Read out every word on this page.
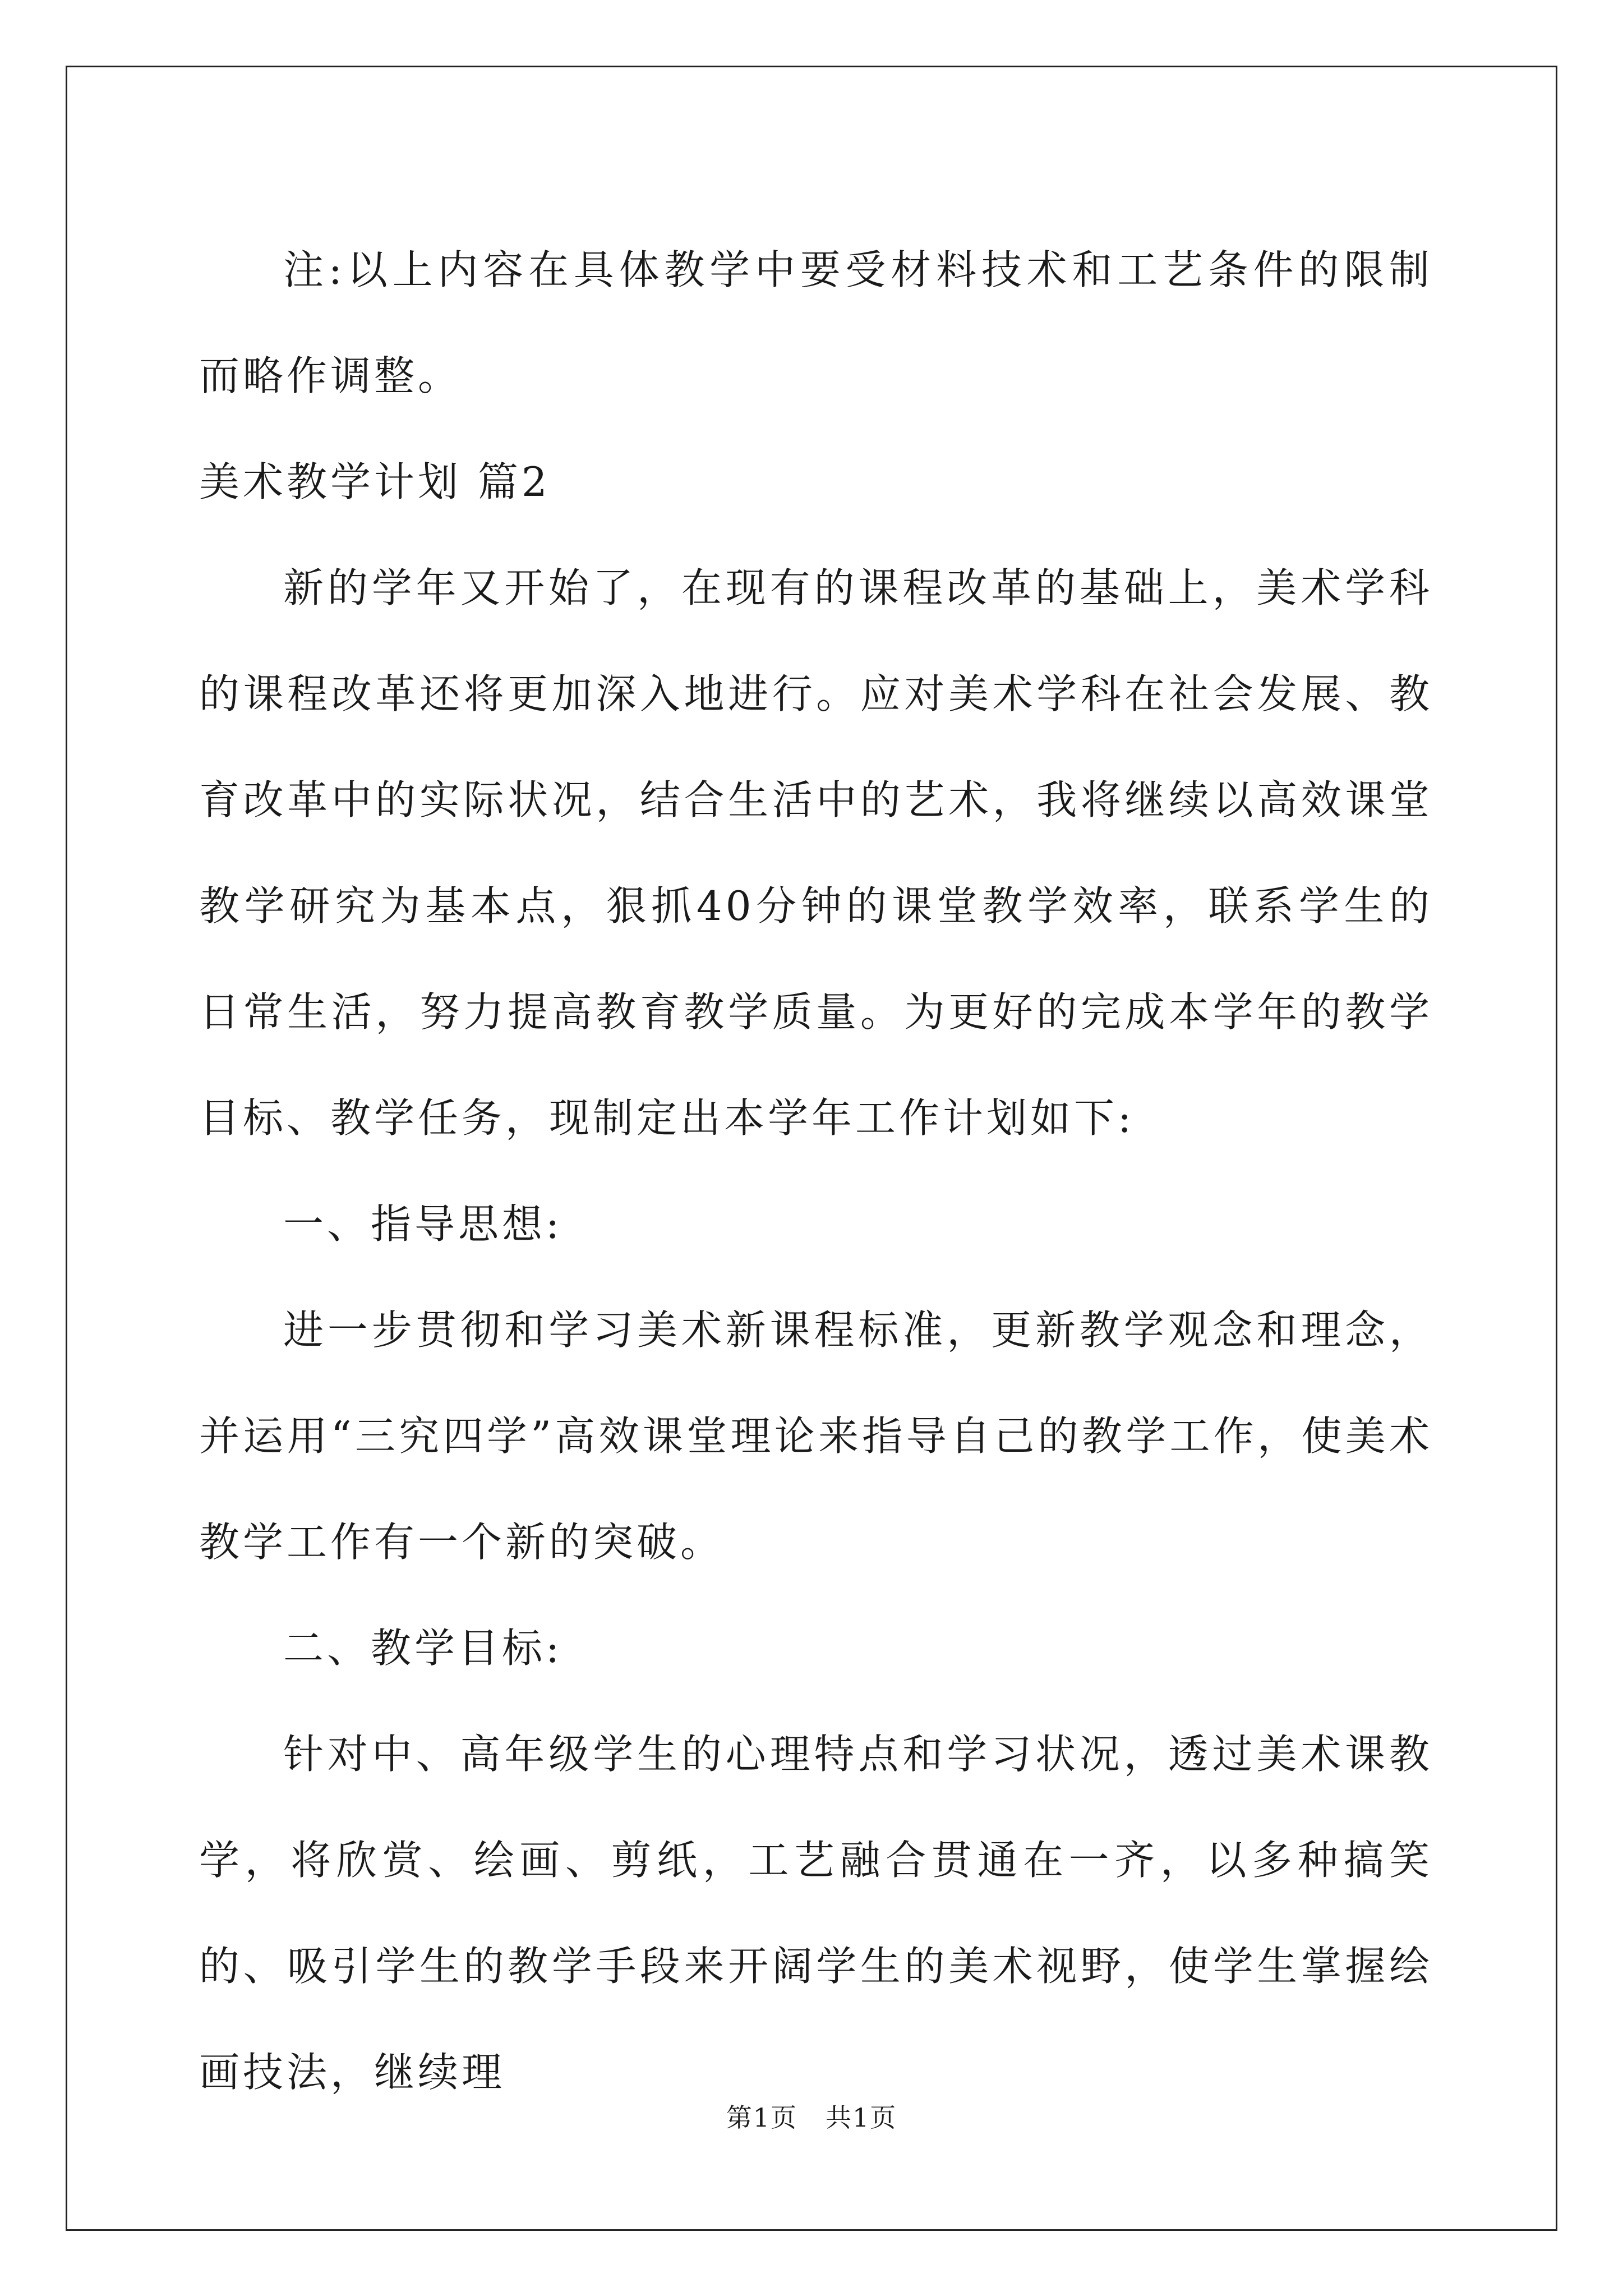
注:以上内容在具体教学中要受材料技术和工艺条件的限制而略作调整。

美术教学计划 篇2

新的学年又开始了，在现有的课程改革的基础上，美术学科的课程改革还将更加深入地进行。应对美术学科在社会发展、教育改革中的实际状况，结合生活中的艺术，我将继续以高效课堂教学研究为基本点，狠抓40分钟的课堂教学效率，联系学生的日常生活，努力提高教育教学质量。为更好的完成本学年的教学目标、教学任务，现制定出本学年工作计划如下:

一、指导思想:

进一步贯彻和学习美术新课程标准，更新教学观念和理念，并运用“三究四学”高效课堂理论来指导自己的教学工作，使美术教学工作有一个新的突破。

二、教学目标:

针对中、高年级学生的心理特点和学习状况，透过美术课教学，将欣赏、绘画、剪纸，工艺融合贯通在一齐，以多种搞笑的、吸引学生的教学手段来开阔学生的美术视野，使学生掌握绘画技法，继续理

第1页 共1页
